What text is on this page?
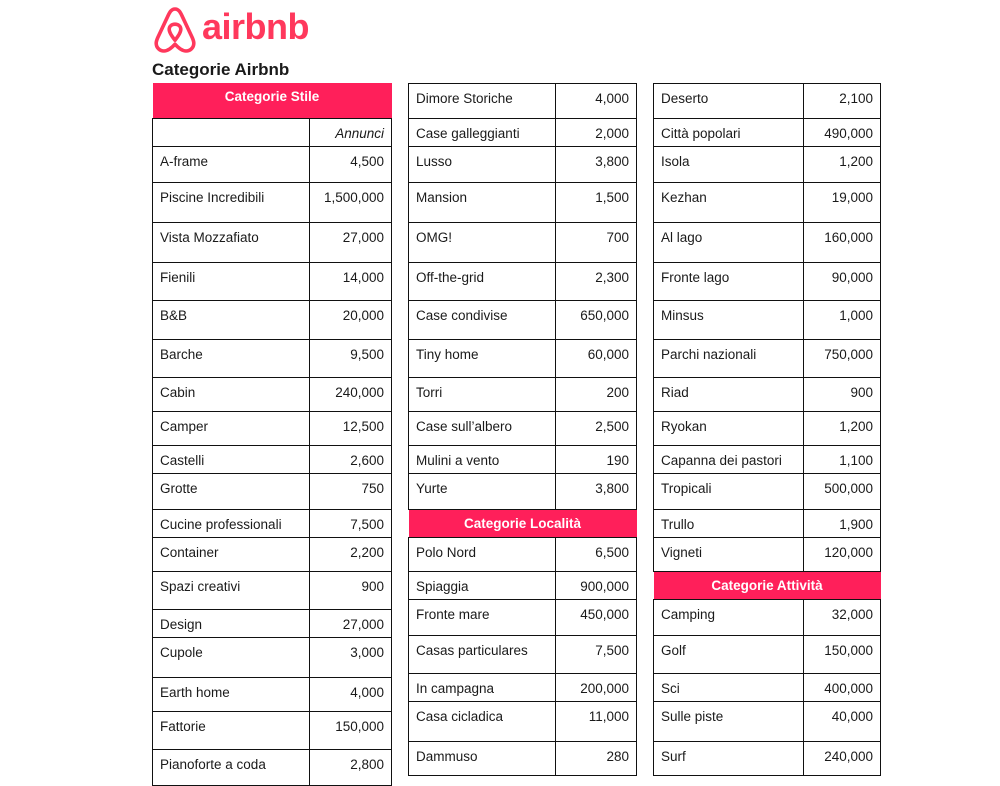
airbnb
Categorie Airbnb
Categorie Stile	

	Annunci

A-frame	4,500

Piscine Incredibili	1,500,000

Vista Mozzafiato	27,000

Fienili	14,000

B&B	20,000

Barche	9,500

Cabin	240,000

Camper	12,500

Castelli	2,600

Grotte	750

Cucine professionali	7,500

Container	2,200

Spazi creativi	900

Design	27,000

Cupole	3,000

Earth home	4,000

Fattorie	150,000

Pianoforte a coda	2,800
Dimore Storiche	4,000

Case galleggianti	2,000

Lusso	3,800

Mansion	1,500

OMG!	700

Off-the-grid	2,300

Case condivise	650,000

Tiny home	60,000

Torri	200

Case sull’albero	2,500

Mulini a vento	190

Yurte	3,800

Categorie Località	

Polo Nord	6,500

Spiaggia	900,000

Fronte mare	450,000

Casas particulares	7,500

In campagna	200,000

Casa cicladica	11,000

Dammuso	280
Deserto	2,100

Città popolari	490,000

Isola	1,200

Kezhan	19,000

Al lago	160,000

Fronte lago	90,000

Minsus	1,000

Parchi nazionali	750,000

Riad	900

Ryokan	1,200

Capanna dei pastori	1,100

Tropicali	500,000

Trullo	1,900

Vigneti	120,000

Categorie Attività	

Camping	32,000

Golf	150,000

Sci	400,000

Sulle piste	40,000

Surf	240,000
